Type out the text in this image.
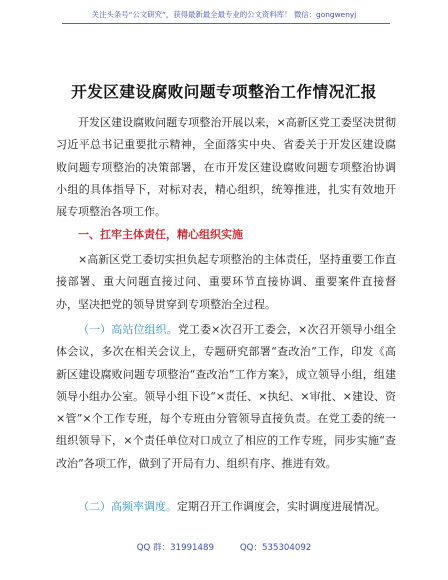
关注头条号“公文研究”，获得最新最全最专业的公文资料库！ 微信：gongwenyj
开发区建设腐败问题专项整治工作情况汇报

开发区建设腐败问题专项整治开展以来，×高新区党工委坚决贯彻习近平总书记重要批示精神，全面落实中央、省委关于开发区建设腐败问题专项整治的决策部署，在市开发区建设腐败问题专项整治协调小组的具体指导下，对标对表，精心组织，统筹推进，扎实有效地开展专项整治各项工作。

一、扛牢主体责任，精心组织实施

×高新区党工委切实担负起专项整治的主体责任，坚持重要工作直接部署、重大问题直接过问、重要环节直接协调、重要案件直接督办，坚决把党的领导贯穿到专项整治全过程。

（一）高站位组织。党工委×次召开工委会，×次召开领导小组全体会议，多次在相关会议上，专题研究部署“查改治”工作，印发《高新区建设腐败问题专项整治“查改治”工作方案》，成立领导小组，组建领导小组办公室。领导小组下设“×责任、×执纪、×审批、×建设、资×管”×个工作专班，每个专班由分管领导直接负责。在党工委的统一组织领导下，×个责任单位对口成立了相应的工作专班，同步实施“查改治”各项工作，做到了开局有力、组织有序、推进有效。

（二）高频率调度。定期召开工作调度会，实时调度进展情况。

QQ 群：31991489	QQ：535304092
